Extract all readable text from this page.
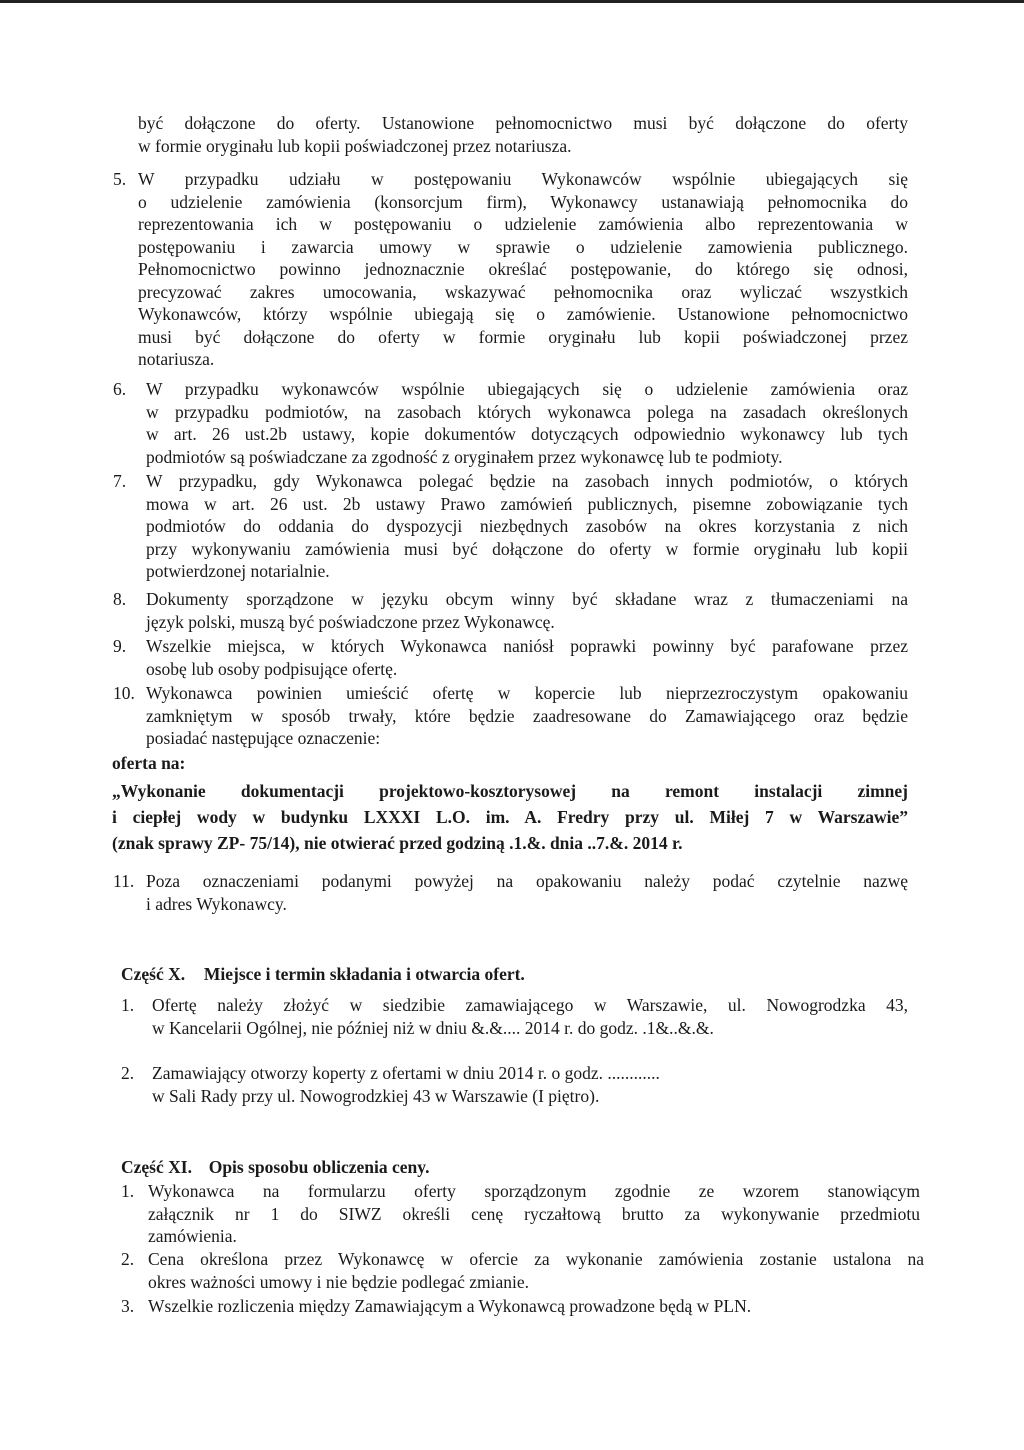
być dołączone do oferty. Ustanowione pełnomocnictwo musi być dołączone do oferty
w formie oryginału lub kopii poświadczonej przez notariusza.
5. W przypadku udziału w postępowaniu Wykonawców wspólnie ubiegających się
o udzielenie zamówienia (konsorcjum firm), Wykonawcy ustanawiają pełnomocnika do
reprezentowania ich w postępowaniu o udzielenie zamówienia albo reprezentowania w
postępowaniu i zawarcia umowy w sprawie o udzielenie zamowienia publicznego.
Pełnomocnictwo powinno jednoznacznie określać postępowanie, do którego się odnosi,
precyzować zakres umocowania, wskazywać pełnomocnika oraz wyliczać wszystkich
Wykonawców, którzy wspólnie ubiegają się o zamówienie. Ustanowione pełnomocnictwo
musi być dołączone do oferty w formie oryginału lub kopii poświadczonej przez
notariusza.
6. W przypadku wykonawców wspólnie ubiegających się o udzielenie zamówienia oraz
w przypadku podmiotów, na zasobach których wykonawca polega na zasadach określonych
w art. 26 ust.2b ustawy, kopie dokumentów dotyczących odpowiednio wykonawcy lub tych
podmiotów są poświadczane za zgodność z oryginałem przez wykonawcę lub te podmioty.
7. W przypadku, gdy Wykonawca polegać będzie na zasobach innych podmiotów, o których
mowa w art. 26 ust. 2b ustawy Prawo zamówień publicznych, pisemne zobowiązanie tych
podmiotów do oddania do dyspozycji niezbędnych zasobów na okres korzystania z nich
przy wykonywaniu zamówienia musi być dołączone do oferty w formie oryginału lub kopii
potwierdzonej notarialnie.
8. Dokumenty sporządzone w języku obcym winny być składane wraz z tłumaczeniami na
język polski, muszą być poświadczone przez Wykonawcę.
9. Wszelkie miejsca, w których Wykonawca naniósł poprawki powinny być parafowane przez
osobę lub osoby podpisujące ofertę.
10. Wykonawca powinien umieścić ofertę w kopercie lub nieprzezroczystym opakowaniu
zamkniętym w sposób trwały, które będzie zaadresowane do Zamawiającego oraz będzie
posiadać następujące oznaczenie:
oferta na:
„Wykonanie dokumentacji projektowo-kosztorysowej na remont instalacji zimnej
i ciepłej wody w budynku LXXXI L.O. im. A. Fredry przy ul. Miłej 7 w Warszawie”
(znak sprawy ZP- 75/14), nie otwierać przed godziną .1.&. dnia ..7.&. 2014 r.
11. Poza oznaczeniami podanymi powyżej na opakowaniu należy podać czytelnie nazwę
i adres Wykonawcy.
Część X. Miejsce i termin składania i otwarcia ofert.
1. Ofertę należy złożyć w siedzibie zamawiającego w Warszawie, ul. Nowogrodzka 43,
w Kancelarii Ogólnej, nie później niż w dniu &.&.... 2014 r. do godz. .1&..&.&.
2. Zamawiający otworzy koperty z ofertami w dniu 2014 r. o godz. ............
w Sali Rady przy ul. Nowogrodzkiej 43 w Warszawie (I piętro).
Część XI. Opis sposobu obliczenia ceny.
1. Wykonawca na formularzu oferty sporządzonym zgodnie ze wzorem stanowiącym
załącznik nr 1 do SIWZ określi cenę ryczałtową brutto za wykonywanie przedmiotu
zamówienia.
2. Cena określona przez Wykonawcę w ofercie za wykonanie zamówienia zostanie ustalona na
okres ważności umowy i nie będzie podlegać zmianie.
3. Wszelkie rozliczenia między Zamawiającym a Wykonawcą prowadzone będą w PLN.
